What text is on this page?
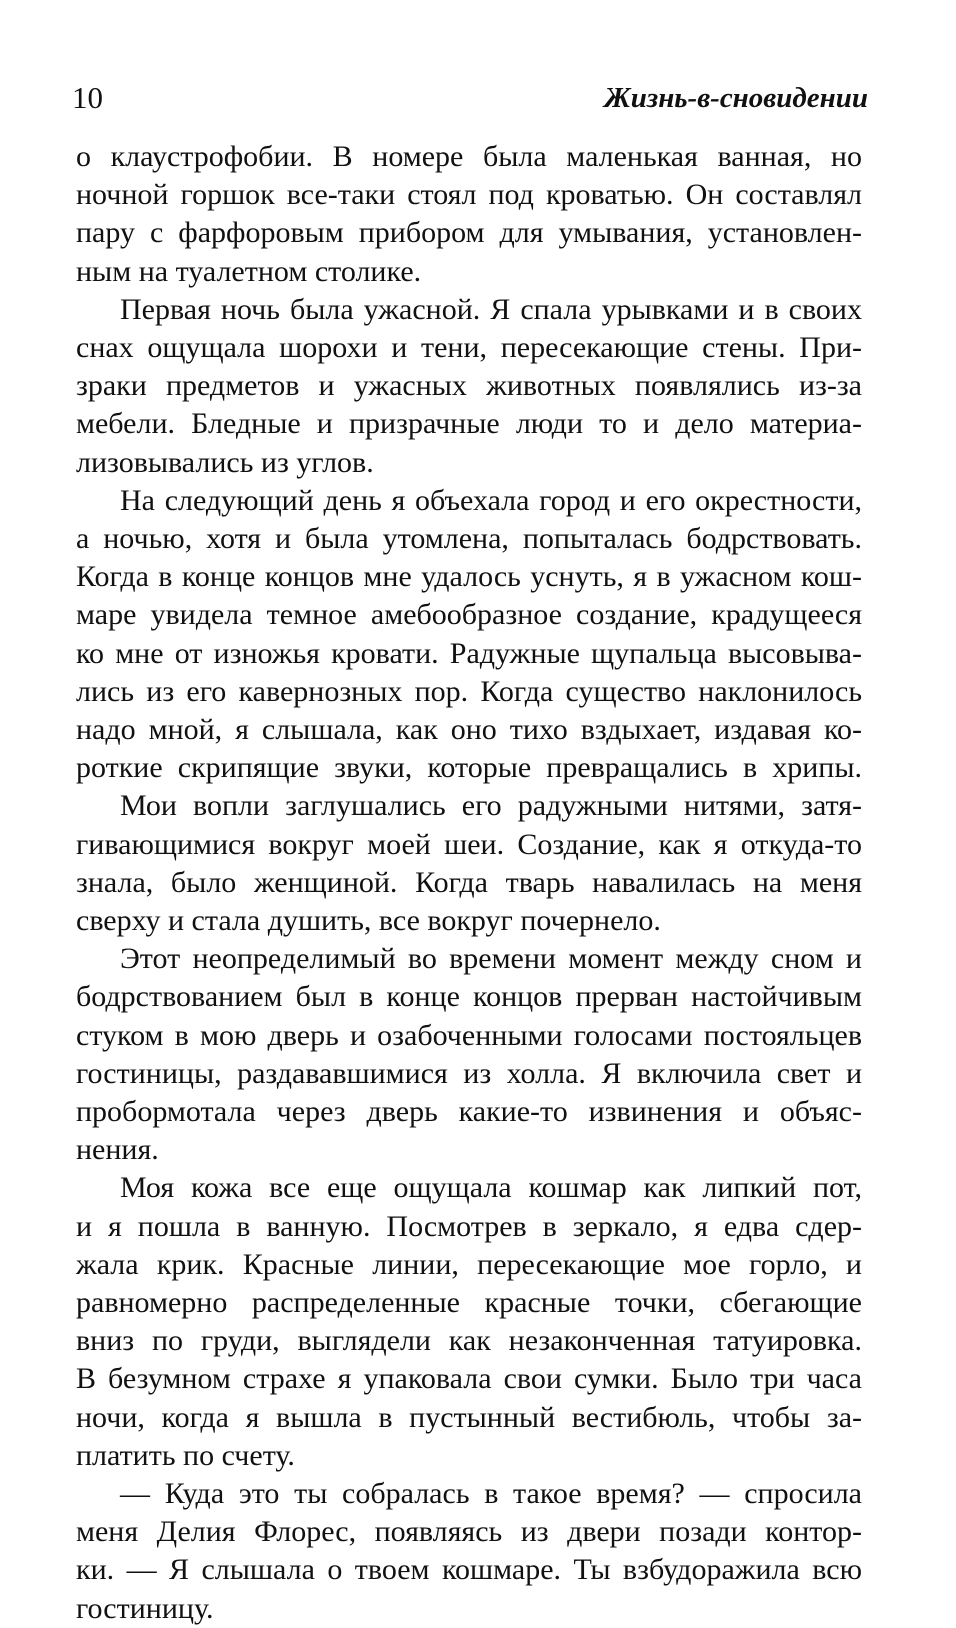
10	Жизнь-в-сновидении
о клаустрофобии. В номере была маленькая ванная, но
ночной горшок все-таки стоял под кроватью. Он составлял
пару с фарфоровым прибором для умывания, установлен-
ным на туалетном столике.
Первая ночь была ужасной. Я спала урывками и в своих
снах ощущала шорохи и тени, пересекающие стены. При-
зраки предметов и ужасных животных появлялись из-за
мебели. Бледные и призрачные люди то и дело материа-
лизовывались из углов.
На следующий день я объехала город и его окрестности,
а ночью, хотя и была утомлена, попыталась бодрствовать.
Когда в конце концов мне удалось уснуть, я в ужасном кош-
маре увидела темное амебообразное создание, крадущееся
ко мне от изножья кровати. Радужные щупальца высовыва-
лись из его кавернозных пор. Когда существо наклонилось
надо мной, я слышала, как оно тихо вздыхает, издавая ко-
роткие скрипящие звуки, которые превращались в хрипы.
Мои вопли заглушались его радужными нитями, затя-
гивающимися вокруг моей шеи. Создание, как я откуда-то
знала, было женщиной. Когда тварь навалилась на меня
сверху и стала душить, все вокруг почернело.
Этот неопределимый во времени момент между сном и
бодрствованием был в конце концов прерван настойчивым
стуком в мою дверь и озабоченными голосами постояльцев
гостиницы, раздававшимися из холла. Я включила свет и
пробормотала через дверь какие-то извинения и объяс-
нения.
Моя кожа все еще ощущала кошмар как липкий пот,
и я пошла в ванную. Посмотрев в зеркало, я едва сдер-
жала крик. Красные линии, пересекающие мое горло, и
равномерно распределенные красные точки, сбегающие
вниз по груди, выглядели как незаконченная татуировка.
В безумном страхе я упаковала свои сумки. Было три часа
ночи, когда я вышла в пустынный вестибюль, чтобы за-
платить по счету.
— Куда это ты собралась в такое время? — спросила
меня Делия Флорес, появляясь из двери позади контор-
ки. — Я слышала о твоем кошмаре. Ты взбудоражила всю
гостиницу.
